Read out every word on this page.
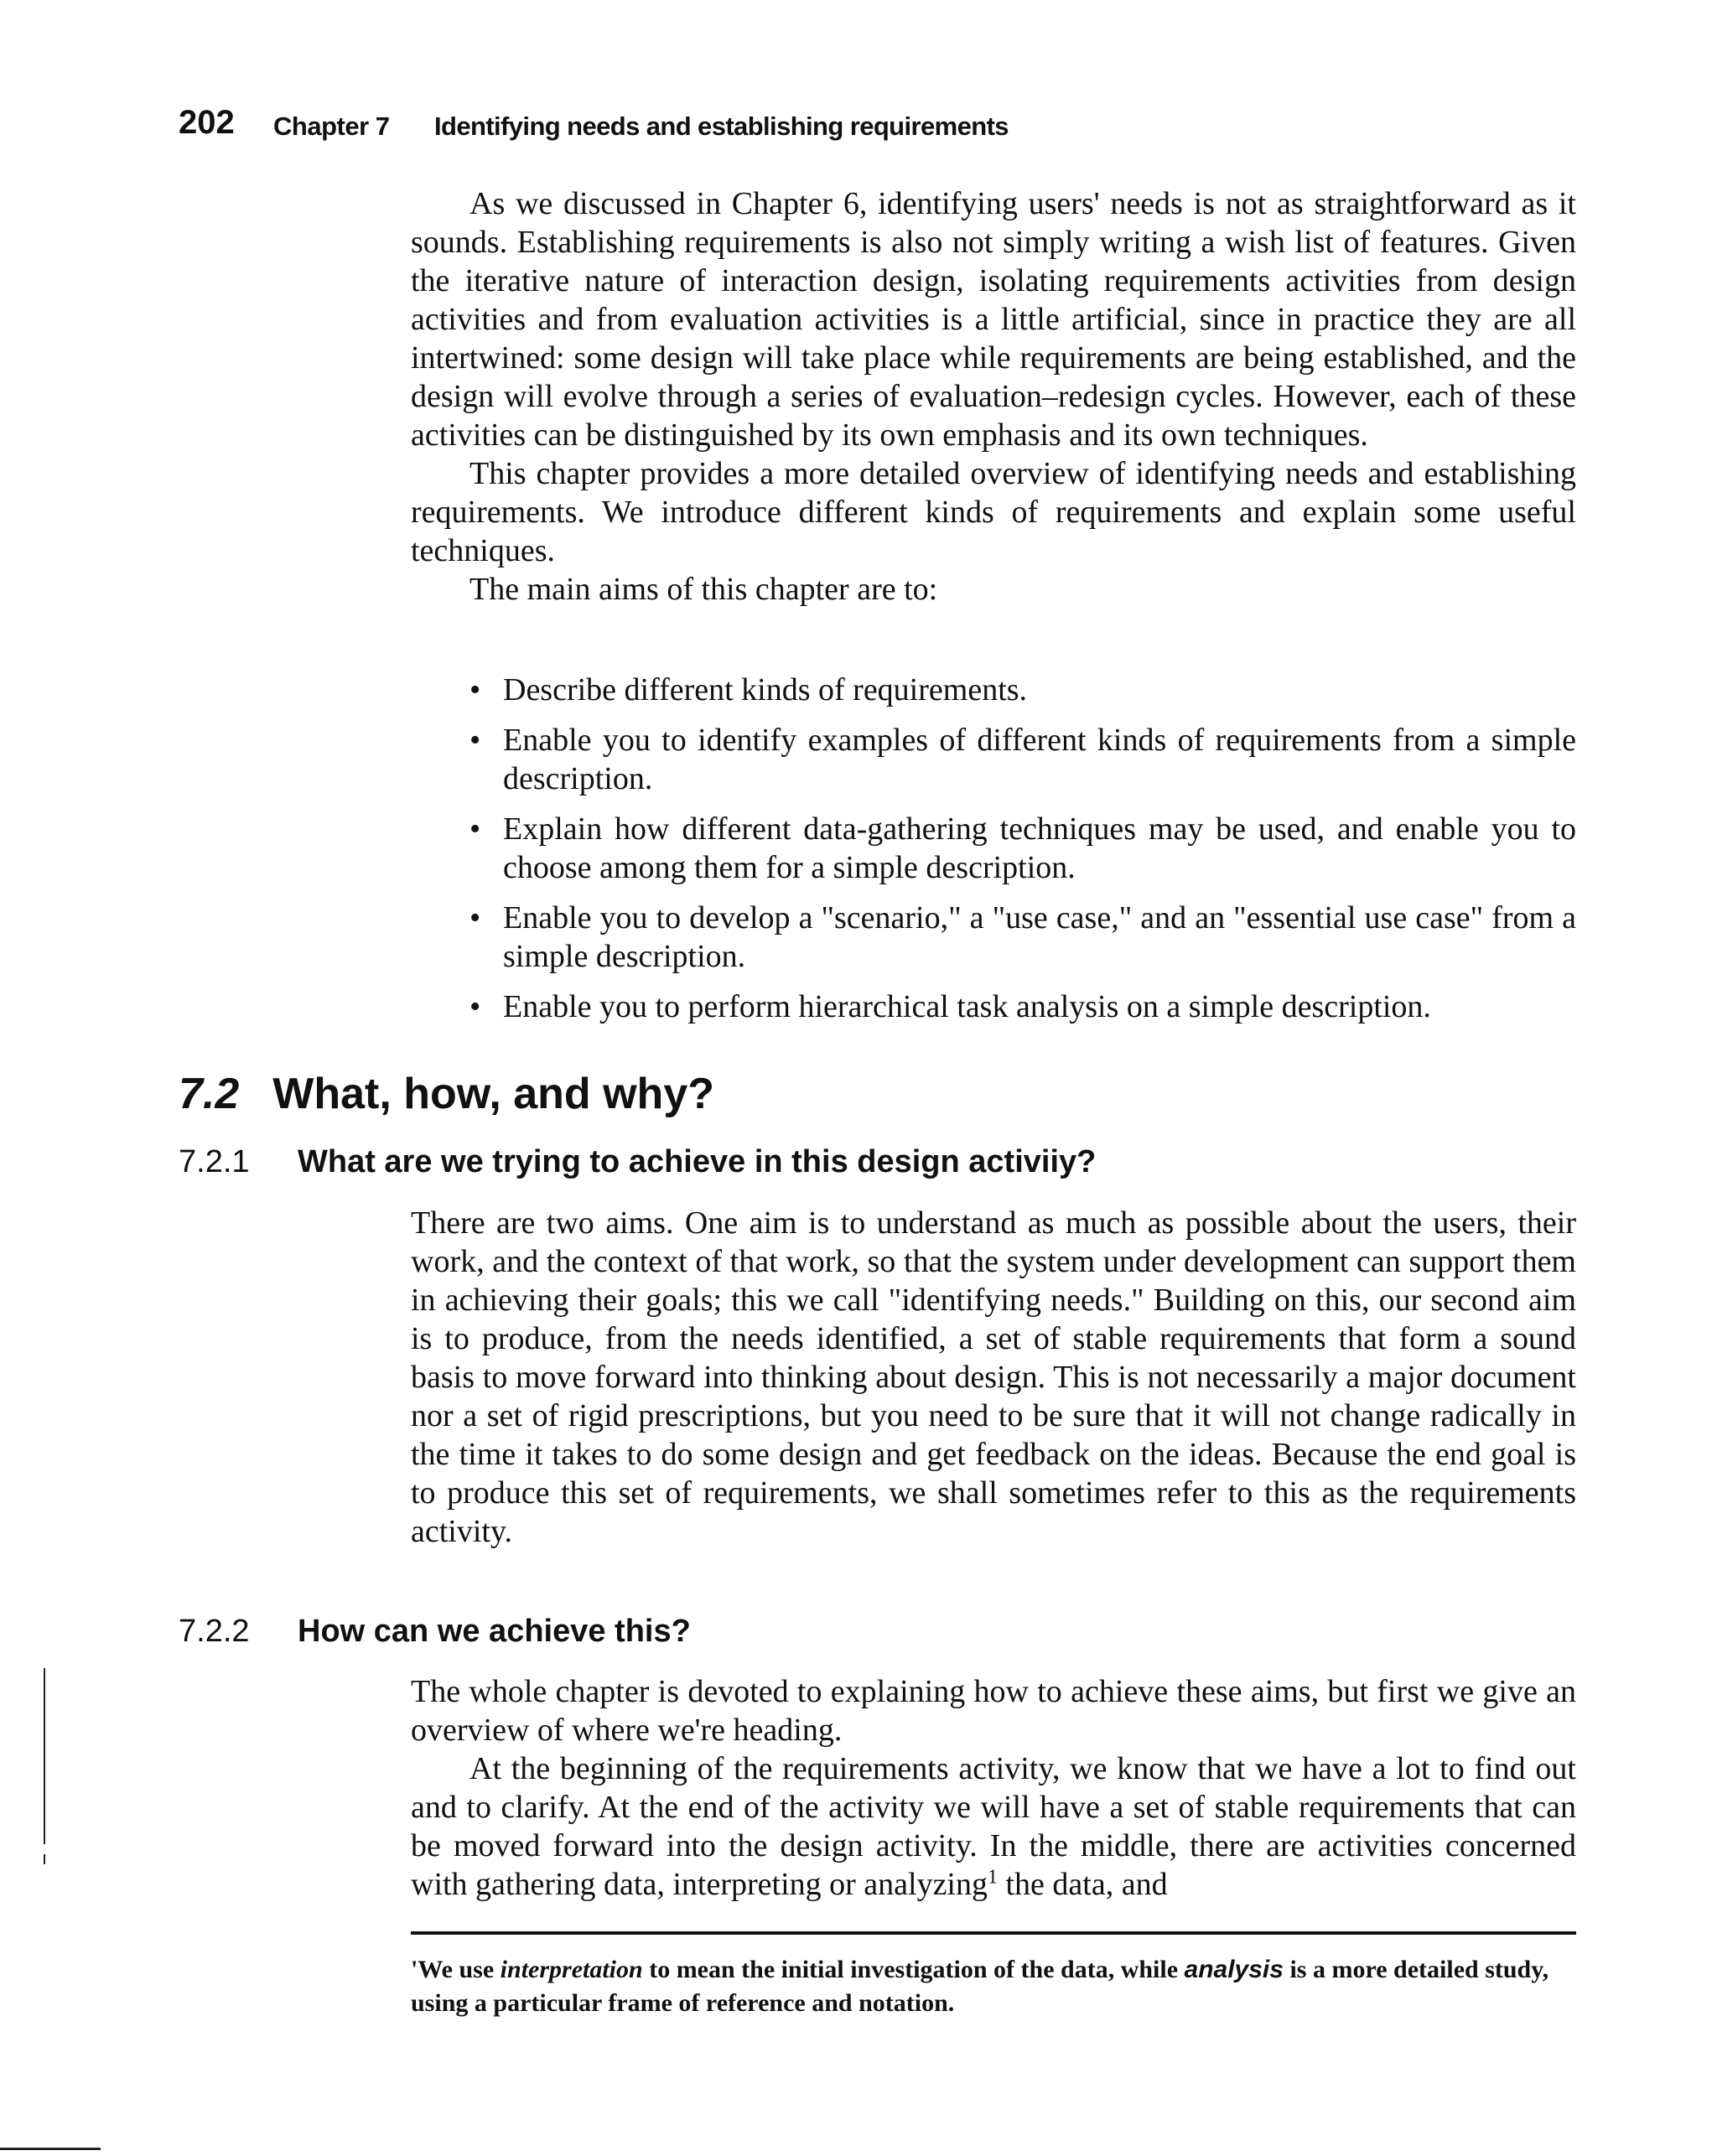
202 Chapter 7 Identifying needs and establishing requirements

As we discussed in Chapter 6, identifying users' needs is not as straightforward as it sounds. Establishing requirements is also not simply writing a wish list of features. Given the iterative nature of interaction design, isolating requirements activities from design activities and from evaluation activities is a little artificial, since in practice they are all intertwined: some design will take place while requirements are being established, and the design will evolve through a series of evaluation–redesign cycles. However, each of these activities can be distinguished by its own emphasis and its own techniques.

This chapter provides a more detailed overview of identifying needs and establishing requirements. We introduce different kinds of requirements and explain some useful techniques.

The main aims of this chapter are to:

• Describe different kinds of requirements.
• Enable you to identify examples of different kinds of requirements from a simple description.
• Explain how different data-gathering techniques may be used, and enable you to choose among them for a simple description.
• Enable you to develop a "scenario," a "use case," and an "essential use case" from a simple description.
• Enable you to perform hierarchical task analysis on a simple description.
7.2 What, how, and why?
7.2.1 What are we trying to achieve in this design activiiy?

There are two aims. One aim is to understand as much as possible about the users, their work, and the context of that work, so that the system under development can support them in achieving their goals; this we call "identifying needs." Building on this, our second aim is to produce, from the needs identified, a set of stable requirements that form a sound basis to move forward into thinking about design. This is not necessarily a major document nor a set of rigid prescriptions, but you need to be sure that it will not change radically in the time it takes to do some design and get feedback on the ideas. Because the end goal is to produce this set of requirements, we shall sometimes refer to this as the requirements activity.

7.2.2 How can we achieve this?

The whole chapter is devoted to explaining how to achieve these aims, but first we give an overview of where we're heading.

At the beginning of the requirements activity, we know that we have a lot to find out and to clarify. At the end of the activity we will have a set of stable requirements that can be moved forward into the design activity. In the middle, there are activities concerned with gathering data, interpreting or analyzing$^1$ the data, and

'We use interpretation to mean the initial investigation of the data, while analysis is a more detailed study, using a particular frame of reference and notation.
